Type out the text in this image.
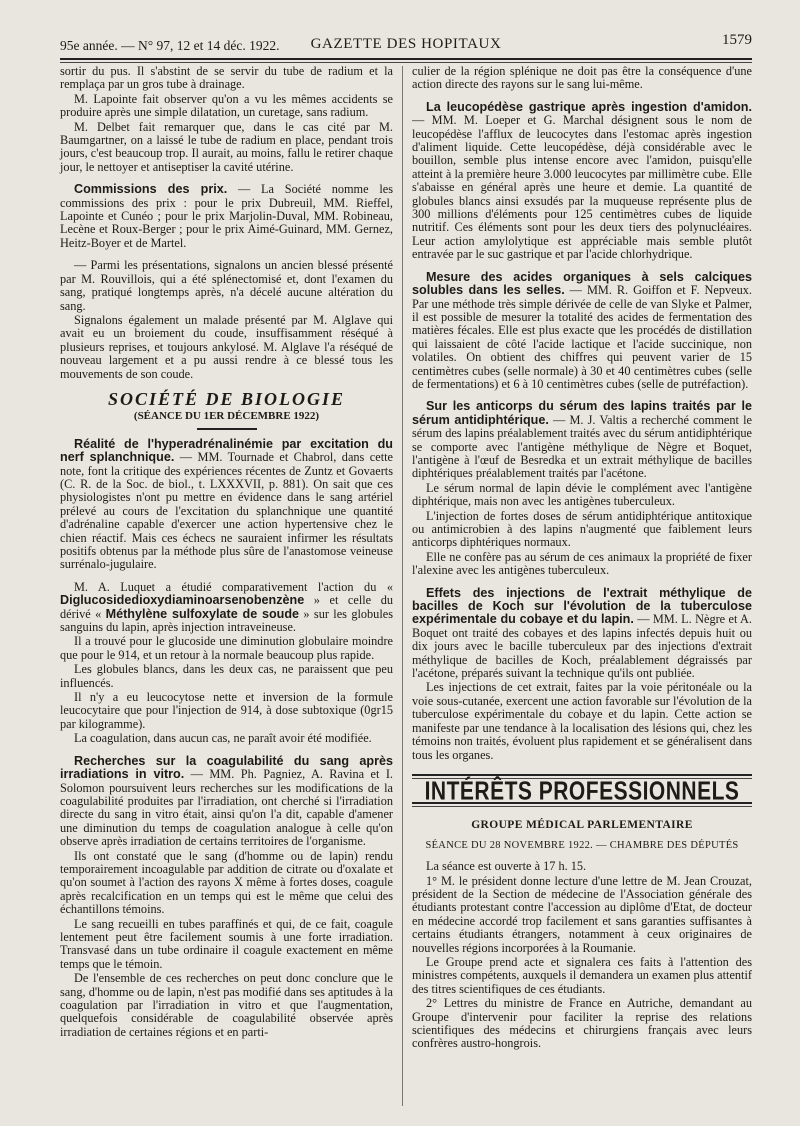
95e année. — N° 97, 12 et 14 déc. 1922.	GAZETTE DES HOPITAUX	1579

sortir du pus. Il s'abstint de se servir du tube de radium et la remplaça par un gros tube à drainage.

M. Lapointe fait observer qu'on a vu les mêmes accidents se produire après une simple dilatation, un curetage, sans radium.

M. Delbet fait remarquer que, dans le cas cité par M. Baumgartner, on a laissé le tube de radium en place, pendant trois jours, c'est beaucoup trop. Il aurait, au moins, fallu le retirer chaque jour, le nettoyer et antiseptiser la cavité utérine.

Commissions des prix. — La Société nomme les commissions des prix : pour le prix Dubreuil, MM. Rieffel, Lapointe et Cunéo ; pour le prix Marjolin-Duval, MM. Robineau, Lecène et Roux-Berger ; pour le prix Aimé-Guinard, MM. Gernez, Heitz-Boyer et de Martel.

— Parmi les présentations, signalons un ancien blessé présenté par M. Rouvillois, qui a été splénectomisé et, dont l'examen du sang, pratiqué longtemps après, n'a décelé aucune altération du sang.

Signalons également un malade présenté par M. Alglave qui avait eu un broiement du coude, insuffisamment réséqué à plusieurs reprises, et toujours ankylosé. M. Alglave l'a réséqué de nouveau largement et a pu aussi rendre à ce blessé tous les mouvements de son coude.

SOCIÉTÉ DE BIOLOGIE
(SÉANCE DU 1ER DÉCEMBRE 1922)

Réalité de l'hyperadrénalinémie par excitation du nerf splanchnique. — MM. Tournade et Chabrol, dans cette note, font la critique des expériences récentes de Zuntz et Govaerts (C. R. de la Soc. de biol., t. LXXXVII, p. 881). On sait que ces physiologistes n'ont pu mettre en évidence dans le sang artériel prélevé au cours de l'excitation du splanchnique une quantité d'adrénaline capable d'exercer une action hypertensive chez le chien réactif. Mais ces échecs ne sauraient infirmer les résultats positifs obtenus par la méthode plus sûre de l'anastomose veineuse surrénalo-jugulaire.

M. A. Luquet a étudié comparativement l'action du « Diglucosidedioxydiaminoarsenobenzène » et celle du dérivé « Méthylène sulfoxylate de soude » sur les globules sanguins du lapin, après injection intraveineuse.

Il a trouvé pour le glucoside une diminution globulaire moindre que pour le 914, et un retour à la normale beaucoup plus rapide.

Les globules blancs, dans les deux cas, ne paraissent que peu influencés.

Il n'y a eu leucocytose nette et inversion de la formule leucocytaire que pour l'injection de 914, à dose subtoxique (0gr15 par kilogramme).

La coagulation, dans aucun cas, ne paraît avoir été modifiée.

Recherches sur la coagulabilité du sang après irradiations in vitro. — MM. Ph. Pagniez, A. Ravina et I. Solomon poursuivent leurs recherches sur les modifications de la coagulabilité produites par l'irradiation, ont cherché si l'irradiation directe du sang in vitro était, ainsi qu'on l'a dit, capable d'amener une diminution du temps de coagulation analogue à celle qu'on observe après irradiation de certains territoires de l'organisme.

Ils ont constaté que le sang (d'homme ou de lapin) rendu temporairement incoagulable par addition de citrate ou d'oxalate et qu'on soumet à l'action des rayons X même à fortes doses, coagule après recalcification en un temps qui est le même que celui des échantillons témoins.

Le sang recueilli en tubes paraffinés et qui, de ce fait, coagule lentement peut être facilement soumis à une forte irradiation. Transvasé dans un tube ordinaire il coagule exactement en même temps que le témoin.

De l'ensemble de ces recherches on peut donc conclure que le sang, d'homme ou de lapin, n'est pas modifié dans ses aptitudes à la coagulation par l'irradiation in vitro et que l'augmentation, quelquefois considérable de coagulabilité observée après irradiation de certaines régions et en parti-

culier de la région splénique ne doit pas être la conséquence d'une action directe des rayons sur le sang lui-même.

La leucopédèse gastrique après ingestion d'amidon. — MM. M. Loeper et G. Marchal désignent sous le nom de leucopédèse l'afflux de leucocytes dans l'estomac après ingestion d'aliment liquide. Cette leucopédèse, déjà considérable avec le bouillon, semble plus intense encore avec l'amidon, puisqu'elle atteint à la première heure 3.000 leucocytes par millimètre cube. Elle s'abaisse en général après une heure et demie. La quantité de globules blancs ainsi exsudés par la muqueuse représente plus de 300 millions d'éléments pour 125 centimètres cubes de liquide nutritif. Ces éléments sont pour les deux tiers des polynucléaires. Leur action amylolytique est appréciable mais semble plutôt entravée par le suc gastrique et par l'acide chlorhydrique.

Mesure des acides organiques à sels calciques solubles dans les selles. — MM. R. Goiffon et F. Nepveux. Par une méthode très simple dérivée de celle de van Slyke et Palmer, il est possible de mesurer la totalité des acides de fermentation des matières fécales. Elle est plus exacte que les procédés de distillation qui laissaient de côté l'acide lactique et l'acide succinique, non volatiles. On obtient des chiffres qui peuvent varier de 15 centimètres cubes (selle normale) à 30 et 40 centimètres cubes (selle de fermentations) et 6 à 10 centimètres cubes (selle de putréfaction).

Sur les anticorps du sérum des lapins traités par le sérum antidiphtérique. — M. J. Valtis a recherché comment le sérum des lapins préalablement traités avec du sérum antidiphtérique se comporte avec l'antigène méthylique de Nègre et Boquet, l'antigène à l'œuf de Besredka et un extrait méthylique de bacilles diphtériques préalablement traités par l'acétone.

Le sérum normal de lapin dévie le complément avec l'antigène diphtérique, mais non avec les antigènes tuberculeux.

L'injection de fortes doses de sérum antidiphtérique antitoxique ou antimicrobien à des lapins n'augmenté que faiblement leurs anticorps diphtériques normaux.

Elle ne confère pas au sérum de ces animaux la propriété de fixer l'alexine avec les antigènes tuberculeux.

Effets des injections de l'extrait méthylique de bacilles de Koch sur l'évolution de la tuberculose expérimentale du cobaye et du lapin. — MM. L. Nègre et A. Boquet ont traité des cobayes et des lapins infectés depuis huit ou dix jours avec le bacille tuberculeux par des injections d'extrait méthylique de bacilles de Koch, préalablement dégraissés par l'acétone, préparés suivant la technique qu'ils ont publiée.

Les injections de cet extrait, faites par la voie péritonéale ou la voie sous-cutanée, exercent une action favorable sur l'évolution de la tuberculose expérimentale du cobaye et du lapin. Cette action se manifeste par une tendance à la localisation des lésions qui, chez les témoins non traités, évoluent plus rapidement et se généralisent dans tous les organes.

INTÉRÊTS PROFESSIONNELS
GROUPE MÉDICAL PARLEMENTAIRE
SÉANCE DU 28 NOVEMBRE 1922. — CHAMBRE DES DÉPUTÉS

La séance est ouverte à 17 h. 15.

1° M. le président donne lecture d'une lettre de M. Jean Crouzat, président de la Section de médecine de l'Association générale des étudiants protestant contre l'accession au diplôme d'Etat, de docteur en médecine accordé trop facilement et sans garanties suffisantes à certains étudiants étrangers, notamment à ceux originaires de nouvelles régions incorporées à la Roumanie.

Le Groupe prend acte et signalera ces faits à l'attention des ministres compétents, auxquels il demandera un examen plus attentif des titres scientifiques de ces étudiants.

2° Lettres du ministre de France en Autriche, demandant au Groupe d'intervenir pour faciliter la reprise des relations scientifiques des médecins et chirurgiens français avec leurs confrères austro-hongrois.
